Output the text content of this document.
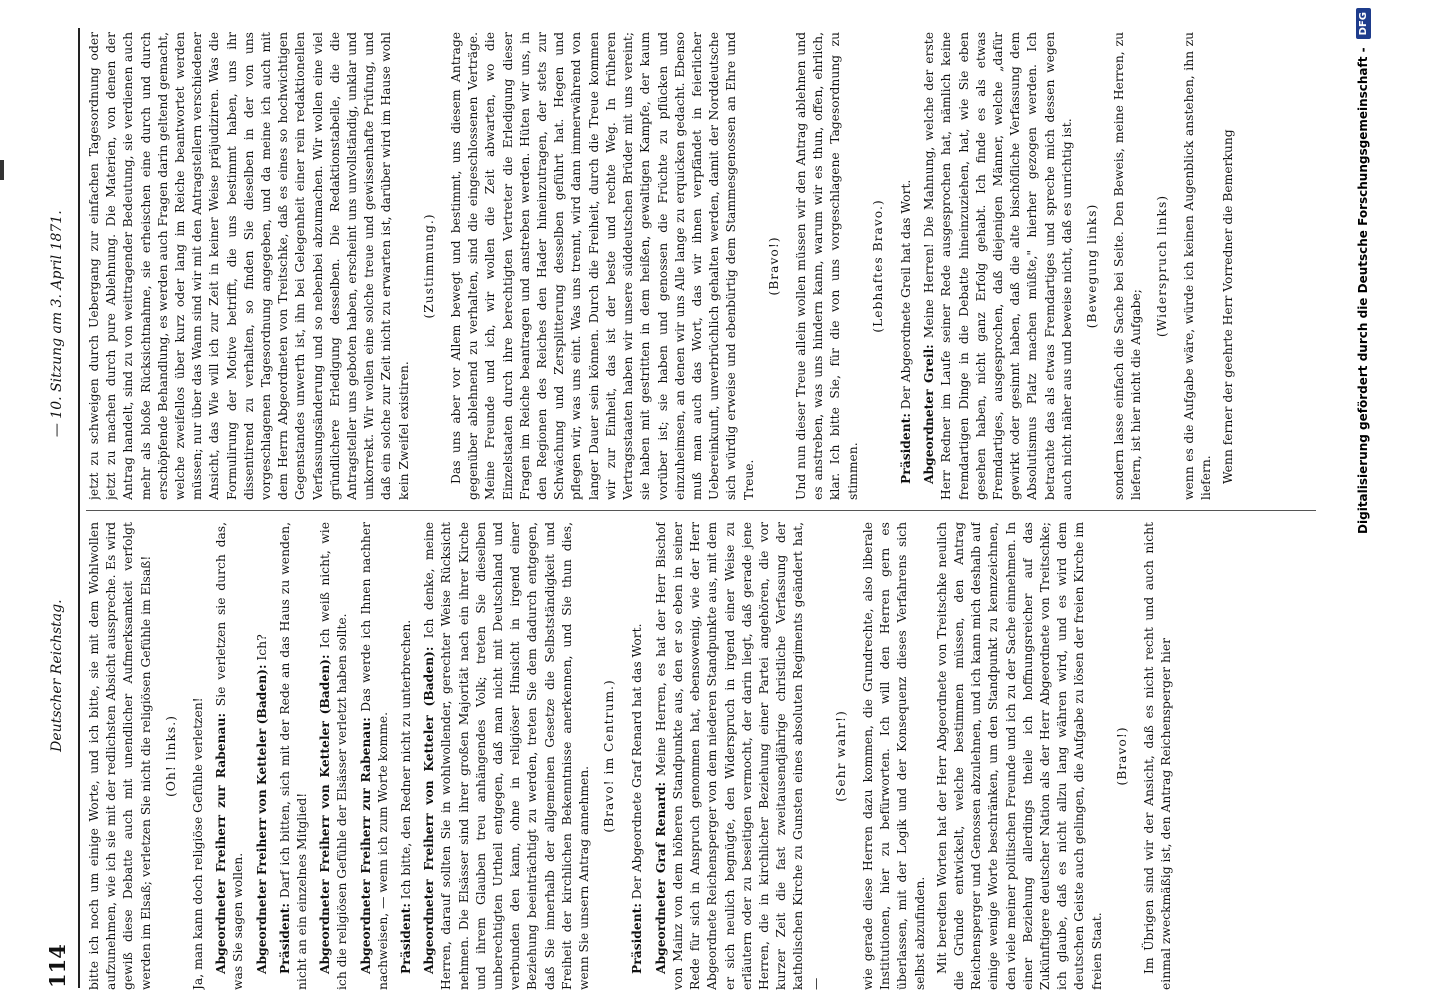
114
Deutscher Reichstag.
— 10. Sitzung am 3. April 1871.

bitte ich noch um einige Worte, und ich bitte, sie mit dem Wohlwollen aufzunehmen, wie ich sie mit der redlichsten Absicht ausspreche. Es wird gewiß diese Debatte auch mit unendlicher Aufmerksamkeit verfolgt werden im Elsaß; verletzen Sie nicht die religiösen Gefühle im Elsaß! (Oh! links.) Ja, man kann doch religiöse Gefühle verletzen! Abgeordneter Freiherr zur Rabenau: Sie verletzen sie durch das, was Sie sagen wollen. Abgeordneter Freiherr von Ketteler (Baden): Ich?

Präsident: Darf ich bitten, sich mit der Rede an das Haus zu wenden, nicht an ein einzelnes Mitglied! Abgeordneter Freiherr von Ketteler (Baden): Ich weiß nicht, wie ich die religiösen Gefühle der Elsässer verletzt haben sollte. Abgeordneter Freiherr zur Rabenau: Das werde ich Ihnen nachher nachweisen, — wenn ich zum Worte komme. Präsident: Ich bitte, den Redner nicht zu unterbrechen. Abgeordneter Freiherr von Ketteler (Baden): Ich denke, meine Herren, darauf sollten Sie in wohlwollender, gerechter Weise Rücksicht nehmen. Die Elsässer sind ihrer großen Majorität nach ein ihrer Kirche und ihrem Glauben treu anhängendes Volk; treten Sie dieselben unberechtigten Urtheil entgegen, daß man nicht mit Deutschland und verbunden den kann, ohne in religiöser Hinsicht in irgend einer Beziehung beeinträchtigt zu werden, treten Sie dem dadurch entgegen, daß Sie innerhalb der allgemeinen Gesetze die Selbstständigkeit und Freiheit der kirchlichen Bekenntnisse anerkennen, und Sie thun dies, wenn Sie unsern Antrag annehmen.

(Bravo! im Centrum.)

Präsident: Der Abgeordnete Graf Renard hat das Wort. Abgeordneter Graf Renard: Meine Herren, es hat der Herr Bischof von Mainz von dem höheren Standpunkte aus, den er so eben in seiner Rede für sich in Anspruch genommen hat, ebensowenig, wie der Herr Abgeordnete Reichensperger von dem niederen Standpunkte aus, mit dem er sich neulich begnügte, den Widerspruch in irgend einer Weise zu erläutern oder zu beseitigen vermocht, der darin liegt, daß gerade jene Herren, die in kirchlicher Beziehung einer Partei angehören, die vor kurzer Zeit die fast zweitausendjährige christliche Verfassung der katholischen Kirche zu Gunsten eines absoluten Regiments geändert hat, —

(Sehr wahr!) wie gerade diese Herren dazu kommen, die Grundrechte, also liberale Institutionen, hier zu befürworten. Ich will den Herren gern es überlassen, mit der Logik und der Konsequenz dieses Verfahrens sich selbst abzufinden. Mit beredten Worten hat der Herr Abgeordnete von Treitschke neulich die Gründe entwickelt, welche bestimmen müssen, den Antrag Reichensperger und Genossen abzulehnen, und ich kann mich deshalb auf einige wenige Worte beschränken, um den Standpunkt zu kennzeichnen, den viele meiner politischen Freunde und ich zu der Sache einnehmen. In einer Beziehung allerdings theile ich hoffnungsreicher auf das Zukünftigere deutscher Nation als der Herr Abgeordnete von Treitschke; ich glaube, daß es nicht allzu lang währen wird, und es wird dem deutschen Geiste auch gelingen, die Aufgabe zu lösen der freien Kirche im freien Staat.

(Bravo!) Im Übrigen sind wir der Ansicht, daß es nicht recht und auch nicht einmal zweckmäßig ist, den Antrag Reichensperger hier

jetzt zu schweigen durch Uebergang zur einfachen Tagesordnung oder jetzt zu machen durch pure Ablehnung. Die Materien, von denen der Antrag handelt, sind zu von weittragender Bedeutung, sie verdienen auch mehr als bloße Rücksichtnahme, sie erheischen eine durch und durch erschöpfende Behandlung, es werden auch Fragen darin geltend gemacht, welche zweifellos über kurz oder lang im Reiche beantwortet werden müssen; nur über das Wann sind wir mit den Antragstellern verschiedener Ansicht, das Wie will ich zur Zeit in keiner Weise präjudiziren. Was die Formulirung der Motive betrifft, die uns bestimmt haben, uns ihr dissentirend zu verhalten, so finden Sie dieselben in der von uns vorgeschlagenen Tagesordnung angegeben, und da meine ich auch mit dem Herrn Abgeordneten von Treitschke, daß es eines so hochwichtigen Gegenstandes unwerth ist, ihn bei Gelegenheit einer rein redaktionellen Verfassungsänderung und so nebenbei abzumachen. Wir wollen eine viel gründlichere Erledigung desselben. Die Redaktionstabelle, die die Antragsteller uns geboten haben, erscheint uns unvollständig, unklar und unkorrekt. Wir wollen eine solche treue und gewissenhafte Prüfung, und daß ein solche zur Zeit nicht zu erwarten ist, darüber wird im Hause wohl kein Zweifel existiren.

(Zustimmung.) Das uns aber vor Allem bewegt und bestimmt, uns diesem Antrage gegenüber ablehnend zu verhalten, sind die eingeschlossenen Verträge. Meine Freunde und ich, wir wollen die Zeit abwarten, wo die Einzelstaaten durch ihre berechtigten Vertreter die Erledigung dieser Fragen im Reiche beantragen und anstreben werden. Hüten wir uns, in den Regionen des Reiches den Hader hineinzutragen, der stets zur Schwächung und Zersplitterung desselben geführt hat. Hegen und pflegen wir, was uns eint. Was uns trennt, wird dann immerwährend von langer Dauer sein können. Durch die Freiheit, durch die Treue kommen wir zur Einheit, das ist der beste und rechte Weg. In früheren Vertragsstaaten haben wir unsere süddeutschen Brüder mit uns vereint; sie haben mit gestritten in dem heißen, gewaltigen Kampfe, der kaum vorüber ist; sie haben und genossen die Früchte zu pflücken und einzuheimsen, an denen wir uns Alle lange zu erquicken gedacht. Ebenso muß man auch das Wort, das wir ihnen verpfändet in feierlicher Uebereinkunft, unverbrüchlich gehalten werden, damit der Norddeutsche sich würdig erweise und ebenbürtig dem Stammesgenossen an Ehre und Treue.

(Bravo!) Und nun dieser Treue allein wollen müssen wir den Antrag ablehnen und es anstreben, was uns hindern kann, warum wir es thun, offen, ehrlich, klar. Ich bitte Sie, für die von uns vorgeschlagene Tagesordnung zu stimmen.

(Lebhaftes Bravo.)

Präsident: Der Abgeordnete Greil hat das Wort.

Abgeordneter Greil: Meine Herren! Die Mahnung, welche der erste Herr Redner im Laufe seiner Rede ausgesprochen hat, nämlich keine fremdartigen Dinge in die Debatte hineinzuziehen, hat, wie Sie eben gesehen haben, nicht ganz Erfolg gehabt. Ich finde es als etwas Fremdartiges, ausgesprochen, daß diejenigen Männer, welche „dafür gewirkt oder gesinnt haben, daß die alte bischöfliche Verfassung dem Absolutismus Platz machen müßte," hierher gezogen werden. Ich betrachte das als etwas Fremdartiges und spreche mich dessen wegen auch nicht näher aus und beweise nicht, daß es unrichtig ist. (Bewegung links) sondern lasse einfach die Sache bei Seite. Den Beweis, meine Herren, zu liefern, ist hier nicht die Aufgabe;

(Widerspruch links) wenn es die Aufgabe wäre, würde ich keinen Augenblick anstehen, ihn zu liefern. Wenn ferner der geehrte Herr Vorredner die Bemerkung	Digitalisierung gefördert durch die Deutsche Forschungsgemeinschaft -
DFG
